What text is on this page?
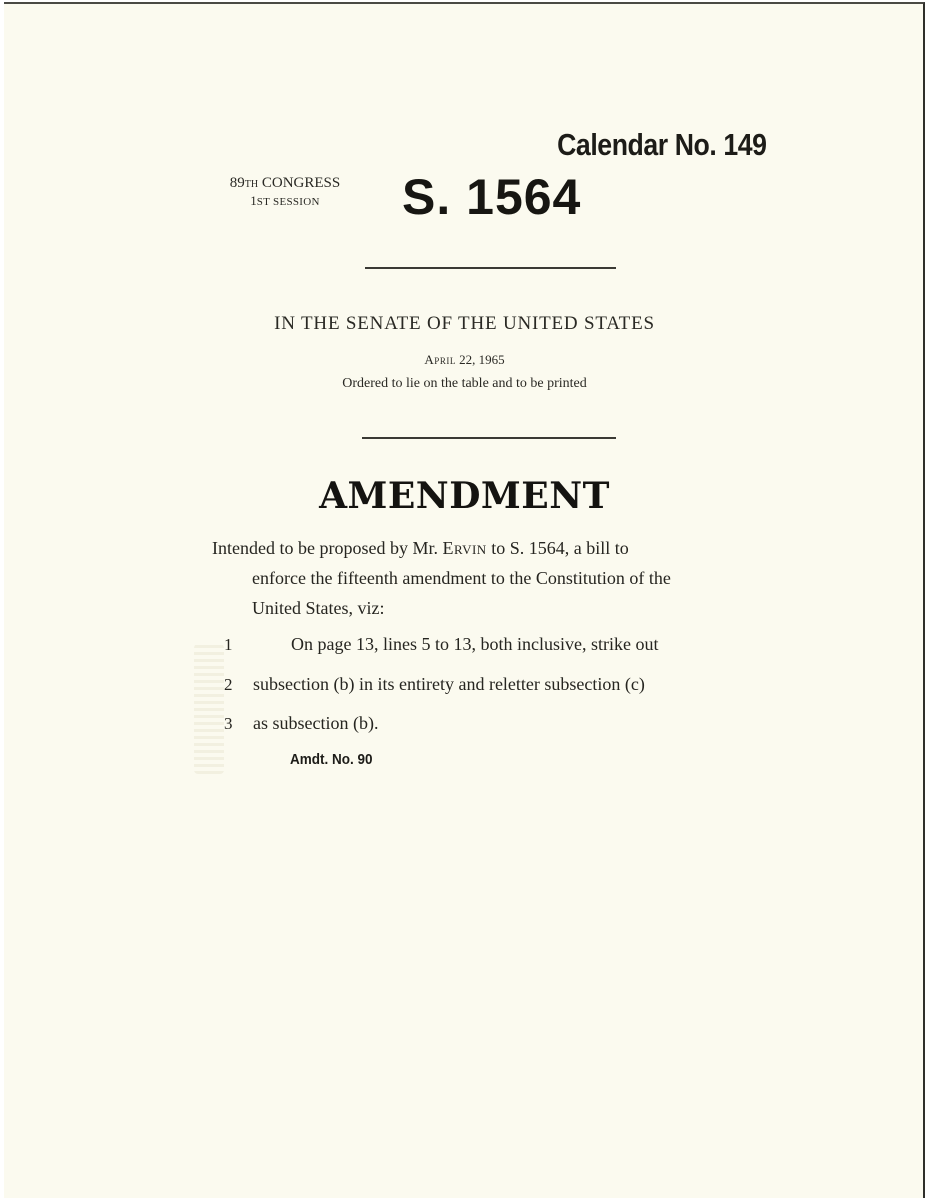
Calendar No. 149
89TH CONGRESS
1ST SESSION	S. 1564
IN THE SENATE OF THE UNITED STATES
April 22, 1965
Ordered to lie on the table and to be printed
AMENDMENT
Intended to be proposed by Mr. Ervin to S. 1564, a bill to
enforce the fifteenth amendment to the Constitution of the
United States, viz:
1	On page 13, lines 5 to 13, both inclusive, strike out
2	subsection (b) in its entirety and reletter subsection (c)
3	as subsection (b).
Amdt. No. 90
